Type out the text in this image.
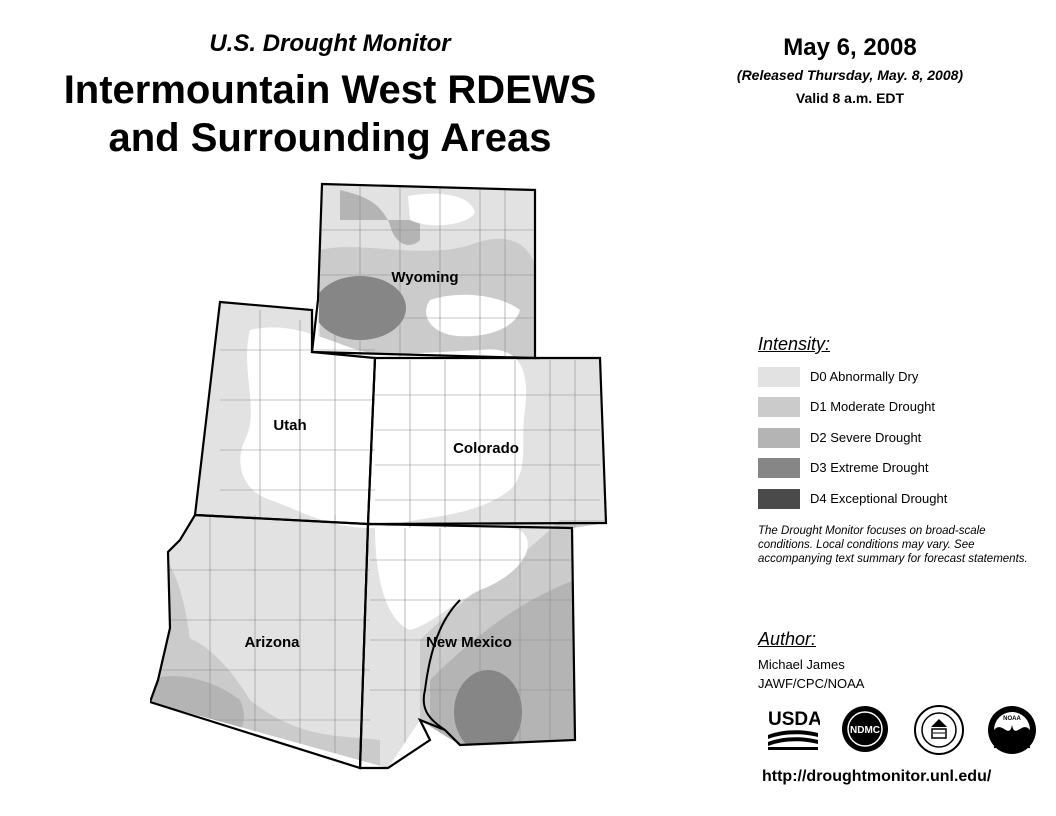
U.S. Drought Monitor
Intermountain West RDEWS
and Surrounding Areas
May 6, 2008
(Released Thursday, May. 8, 2008)
Valid 8 a.m. EDT
Wyoming
Utah
Colorado
Arizona	New Mexico
Intensity:
D0 Abnormally Dry
D1 Moderate Drought
D2 Severe Drought
D3 Extreme Drought
D4 Exceptional Drought
The Drought Monitor focuses on broad-scale conditions. Local conditions may vary. See accompanying text summary for forecast statements.
Author:
Michael James
JAWF/CPC/NOAA
USDA
NDMC
NOAA
http://droughtmonitor.unl.edu/
